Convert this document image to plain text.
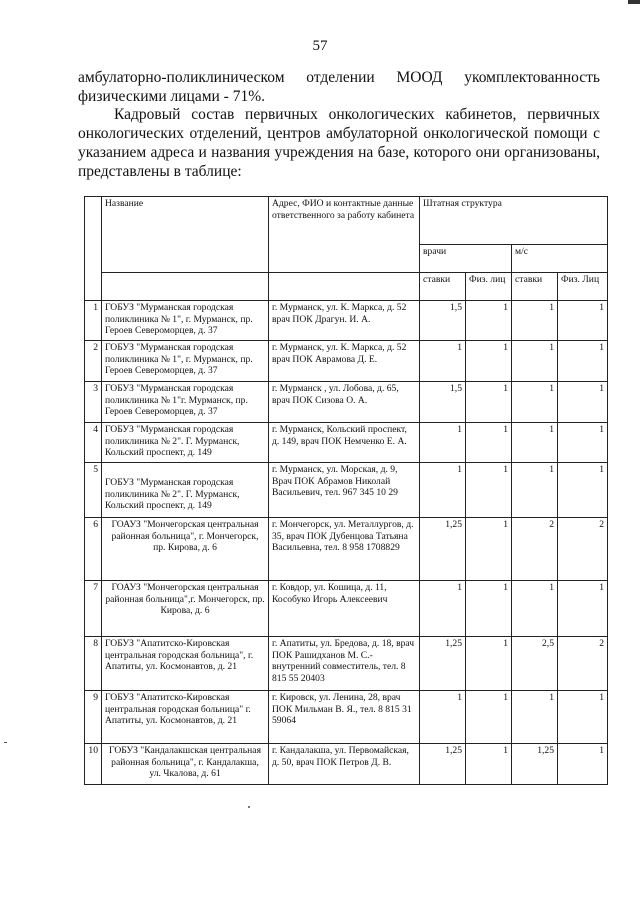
57
амбулаторно-поликлиническом отделении МООД укомплектованность
физическими лицами - 71%.
Кадровый состав первичных онкологических кабинетов, первичных онкологических отделений, центров амбулаторной онкологической помощи с указанием адреса и названия учреждения на базе, которого они организованы, представлены в таблице:
	Название	Адрес, ФИО и контактные данные ответственного за работу кабинета	Штатная структура			
			врачи		м/с	
			ставки	Физ. лиц	ставки	Физ. Лиц
1	ГОБУЗ "Мурманская городская поликлиника № 1", г. Мурманск, пр. Героев Североморцев, д. 37	г. Мурманск, ул. К. Маркса, д. 52 врач ПОК Драгун. И. А.	1,5	1	1	1
2	ГОБУЗ "Мурманская городская поликлиника № 1", г. Мурманск, пр. Героев Североморцев, д. 37	г. Мурманск, ул. К. Маркса, д. 52 врач ПОК Аврамова Д. Е.	1	1	1	1
3	ГОБУЗ "Мурманская городская поликлиника № 1"г. Мурманск, пр. Героев Североморцев, д. 37	г. Мурманск , ул. Лобова, д. 65, врач ПОК Сизова О. А.	1,5	1	1	1
4	ГОБУЗ "Мурманская городская поликлиника № 2". Г. Мурманск, Кольский проспект, д. 149	г. Мурманск, Кольский проспект, д. 149, врач ПОК Немченко Е. А.	1	1	1	1
5	ГОБУЗ "Мурманская городская поликлиника № 2". Г. Мурманск, Кольский проспект, д. 149	г. Мурманск, ул. Морская, д. 9, Врач ПОК Абрамов Николай Васильевич, тел. 967 345 10 29	1	1	1	1
6	ГОАУЗ "Мончегорская центральная районная больница", г. Мончегорск, пр. Кирова, д. 6	г. Мончегорск, ул. Металлургов, д. 35, врач ПОК Дубенцова Татьяна Васильевна, тел. 8 958 1708829	1,25	1	2	2
7	ГОАУЗ "Мончегорская центральная районная больница",г. Мончегорск, пр. Кирова, д. 6	г. Ковдор, ул. Кошица, д. 11, Кособуко Игорь Алексеевич	1	1	1	1
8	ГОБУЗ "Апатитско-Кировская центральная городская больница", г. Апатиты, ул. Космонавтов, д. 21	г. Апатиты, ул. Бредова, д. 18, врач ПОК Рашидханов М. С.- внутренний совместитель, тел. 8 815 55 20403	1,25	1	2,5	2
9	ГОБУЗ "Апатитско-Кировская центральная городская больница" г. Апатиты, ул. Космонавтов, д. 21	г. Кировск, ул. Ленина, 28, врач ПОК Мильман В. Я., тел. 8 815 31 59064	1	1	1	1
10	ГОБУЗ "Кандалакшская центральная районная больница", г. Кандалакша, ул. Чкалова, д. 61	г. Кандалакша, ул. Первомайская, д. 50, врач ПОК Петров Д. В.	1,25	1	1,25	1
